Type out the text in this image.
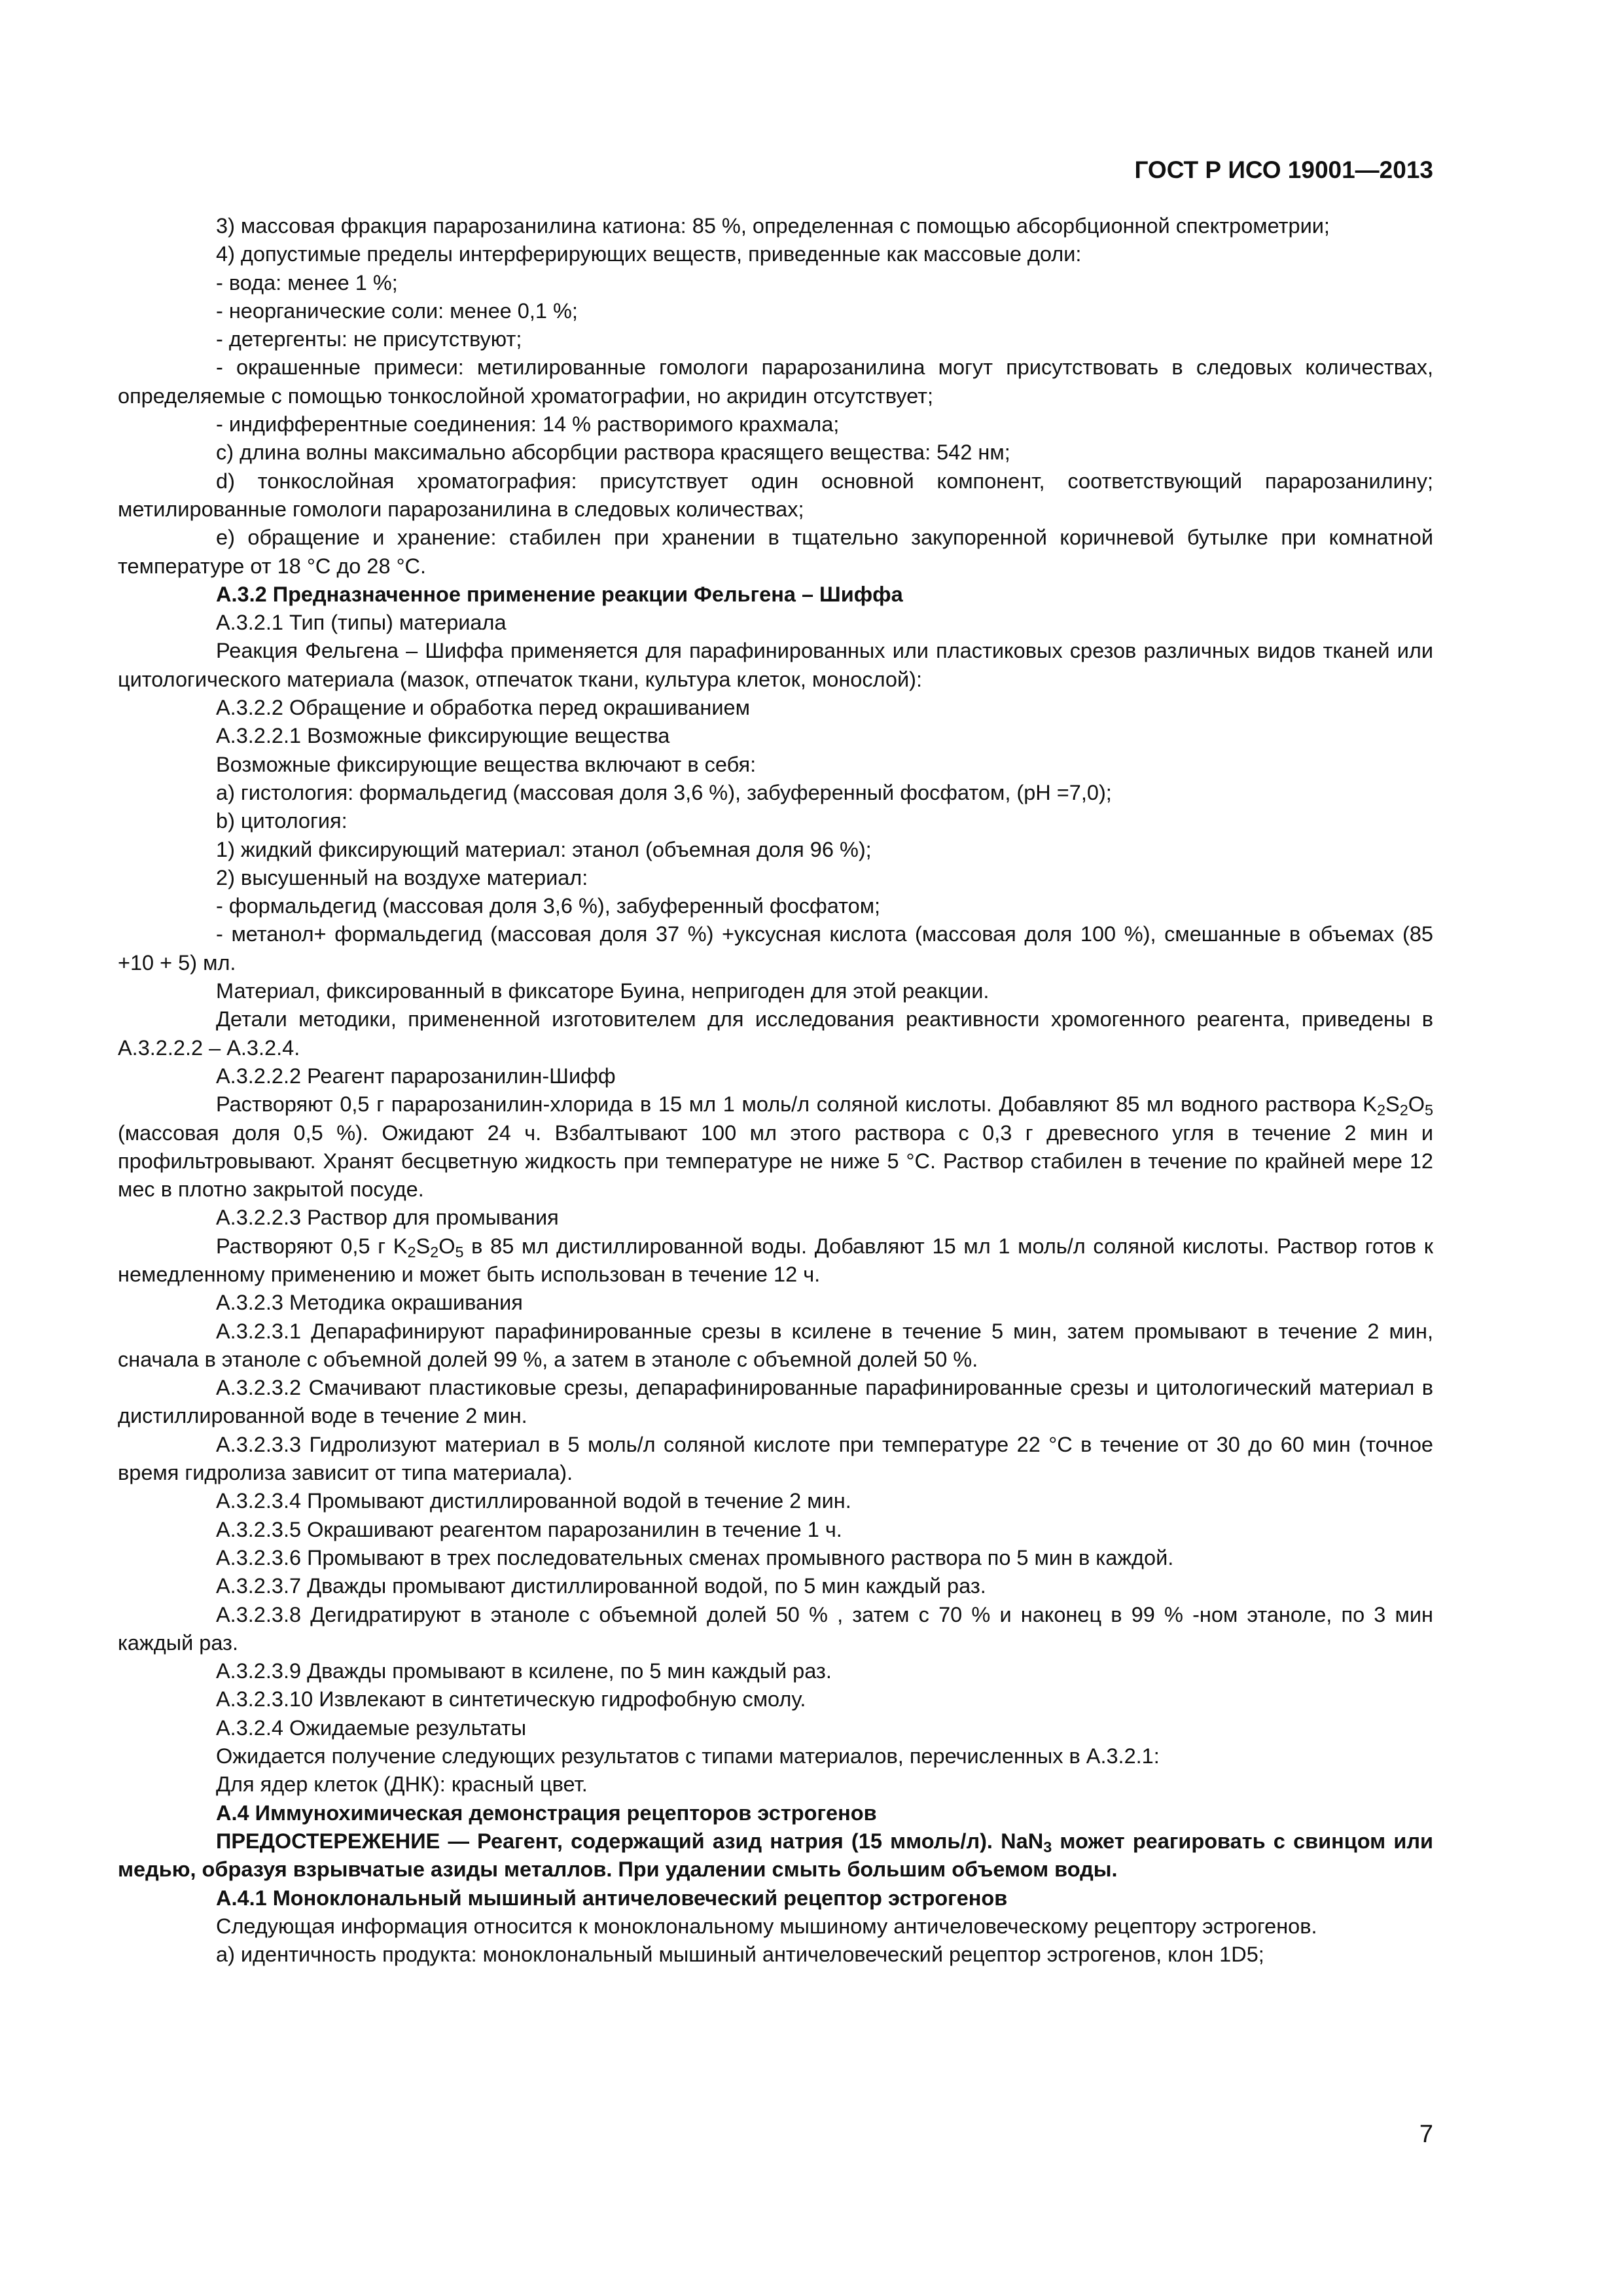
ГОСТ Р ИСО 19001—2013

3) массовая фракция парарозанилина катиона: 85 %, определенная с помощью абсорбционной спектрометрии;

4) допустимые пределы интерферирующих веществ, приведенные как массовые доли:

- вода: менее 1 %;

- неорганические соли: менее 0,1 %;

- детергенты: не присутствуют;

- окрашенные примеси: метилированные гомологи парарозанилина могут присутствовать в следовых количествах, определяемые с помощью тонкослойной хроматографии, но акридин отсутствует;

- индифферентные соединения: 14 % растворимого крахмала;

c) длина волны максимально абсорбции раствора красящего вещества: 542 нм;

d) тонкослойная хроматография: присутствует один основной компонент, соответствующий парарозанилину; метилированные гомологи парарозанилина в следовых количествах;

e) обращение и хранение: стабилен при хранении в тщательно закупоренной коричневой бутылке при комнатной температуре от 18 °С до 28 °С.

А.3.2 Предназначенное применение реакции Фельгена – Шиффа

А.3.2.1 Тип (типы) материала

Реакция Фельгена – Шиффа применяется для парафинированных или пластиковых срезов различных видов тканей или цитологического материала (мазок, отпечаток ткани, культура клеток, монослой):

А.3.2.2 Обращение и обработка перед окрашиванием

А.3.2.2.1 Возможные фиксирующие вещества

Возможные фиксирующие вещества включают в себя:

а) гистология: формальдегид (массовая доля 3,6 %), забуференный фосфатом, (pH =7,0);

b) цитология:

1) жидкий фиксирующий материал: этанол (объемная доля 96 %);

2) высушенный на воздухе материал:

- формальдегид (массовая доля 3,6 %), забуференный фосфатом;

- метанол+ формальдегид (массовая доля 37 %) +уксусная кислота (массовая доля 100 %), смешанные в объемах (85 +10 + 5) мл.

Материал, фиксированный в фиксаторе Буина, непригоден для этой реакции.

Детали методики, примененной изготовителем для исследования реактивности хромогенного реагента, приведены в А.3.2.2.2 – А.3.2.4.

А.3.2.2.2 Реагент парарозанилин-Шифф

Растворяют 0,5 г парарозанилин-хлорида в 15 мл 1 моль/л соляной кислоты. Добавляют 85 мл водного раствора $K_2S_2O_5$ (массовая доля 0,5 %). Ожидают 24 ч. Взбалтывают 100 мл этого раствора с 0,3 г древесного угля в течение 2 мин и профильтровывают. Хранят бесцветную жидкость при температуре не ниже 5 °С. Раствор стабилен в течение по крайней мере 12 мес в плотно закрытой посуде.

А.3.2.2.3 Раствор для промывания

Растворяют 0,5 г $K_2S_2O_5$ в 85 мл дистиллированной воды. Добавляют 15 мл 1 моль/л соляной кислоты. Раствор готов к немедленному применению и может быть использован в течение 12 ч.

А.3.2.3 Методика окрашивания

А.3.2.3.1 Депарафинируют парафинированные срезы в ксилене в течение 5 мин, затем промывают в течение 2 мин, сначала в этаноле с объемной долей 99 %, а затем в этаноле с объемной долей 50 %.

А.3.2.3.2 Смачивают пластиковые срезы, депарафинированные парафинированные срезы и цитологический материал в дистиллированной воде в течение 2 мин.

А.3.2.3.3 Гидролизуют материал в 5 моль/л соляной кислоте при температуре 22 °С в течение от 30 до 60 мин (точное время гидролиза зависит от типа материала).

А.3.2.3.4 Промывают дистиллированной водой в течение 2 мин.

А.3.2.3.5 Окрашивают реагентом парарозанилин в течение 1 ч.

А.3.2.3.6 Промывают в трех последовательных сменах промывного раствора по 5 мин в каждой.

А.3.2.3.7 Дважды промывают дистиллированной водой, по 5 мин каждый раз.

А.3.2.3.8 Дегидратируют в этаноле с объемной долей 50 % , затем с 70 % и наконец в 99 % -ном этаноле, по 3 мин каждый раз.

А.3.2.3.9 Дважды промывают в ксилене, по 5 мин каждый раз.

А.3.2.3.10 Извлекают в синтетическую гидрофобную смолу.

А.3.2.4 Ожидаемые результаты

Ожидается получение следующих результатов с типами материалов, перечисленных в А.3.2.1:

Для ядер клеток (ДНК): красный цвет.

А.4 Иммунохимическая демонстрация рецепторов эстрогенов

ПРЕДОСТЕРЕЖЕНИЕ — Реагент, содержащий азид натрия (15 ммоль/л). NaN$_3$ может реагировать с свинцом или медью, образуя взрывчатые азиды металлов. При удалении смыть большим объемом воды.

А.4.1 Моноклональный мышиный античеловеческий рецептор эстрогенов

Следующая информация относится к моноклональному мышиному античеловеческому рецептору эстрогенов.

а) идентичность продукта: моноклональный мышиный античеловеческий рецептор эстрогенов, клон 1D5;

7
